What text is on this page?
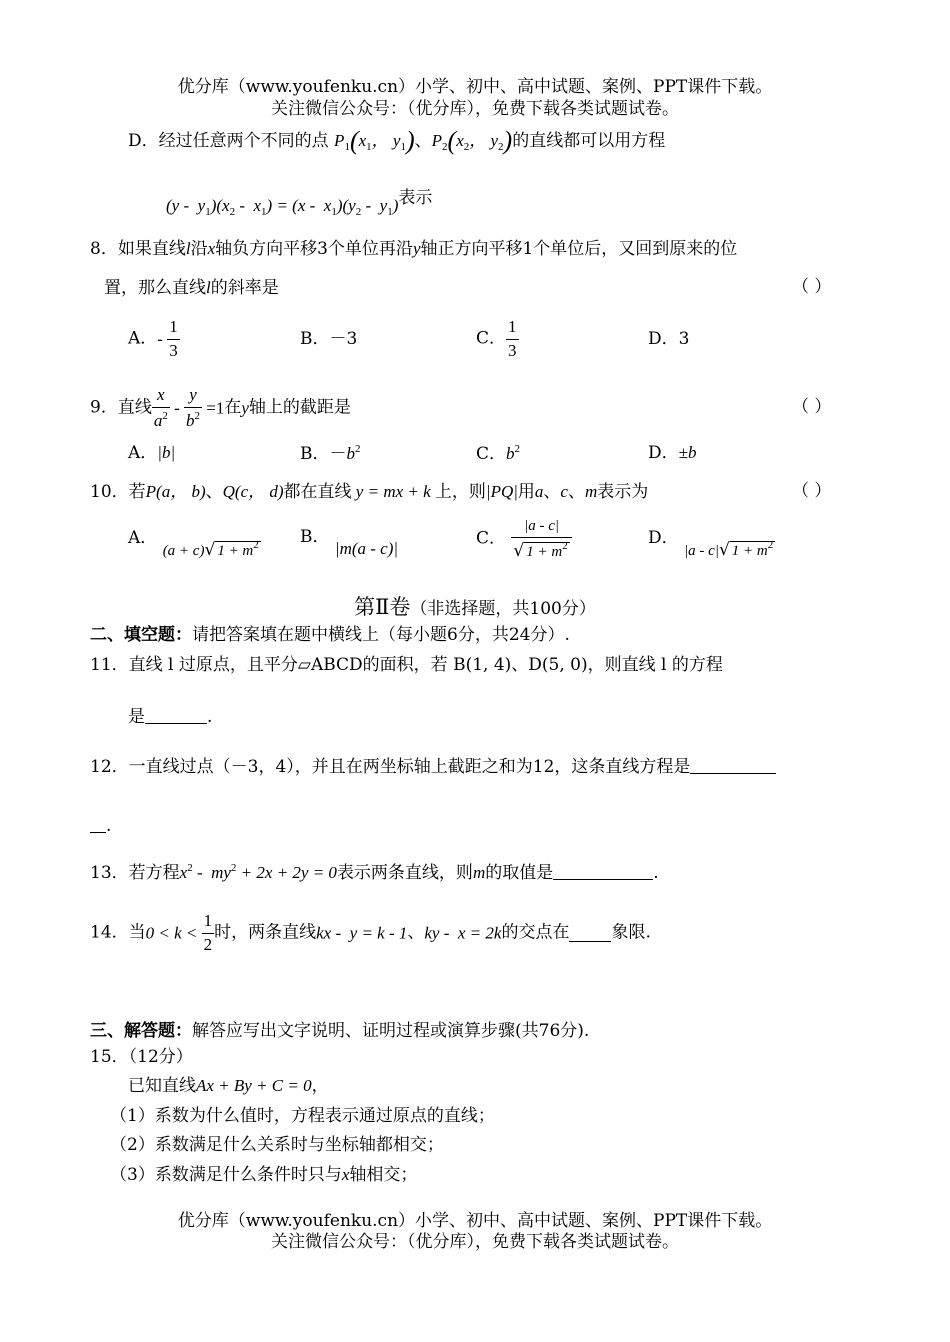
优分库（www.youfenku.cn）小学、初中、高中试题、案例、PPT课件下载。
关注微信公众号：（优分库），免费下载各类试题试卷。
D．经过任意两个不同的点 $P_1(x_1$， $y_1$)、$P_2(x_2$， $y_2$)的直线都可以用方程
$(y - y_1)(x_2 - x_1) = (x - x_1)(y_2 - y_1)$表示
8．如果直线l沿x轴负方向平移3个单位再沿y轴正方向平移1个单位后，又回到原来的位
置，那么直线l的斜率是	（ ）
A．- $\frac{1}{3}$	B．－3	C． $\frac{1}{3}$	D．3
9．直线 $\frac{x}{a^2} - \frac{y}{b^2} =1$在y轴上的截距是	（ ）
A．|b|	B．$-b^2$	C．$b^2$	D．±b
10．若P(a， b)、Q(c， d)都在直线 y = mx + k 上，则|PQ|用a、c、m表示为	（ ）
A． (a + c)√ $1 + m^2$ B． |m(a - c)|	C． $\frac{|a - c|}{√ 1 + m^2}$	D． |a - c|√ $1 + m^2$
第Ⅱ卷（非选择题，共100分）
二、填空题：请把答案填在题中横线上（每小题6分，共24分）.
11．直线 l 过原点，且平分▱ABCD的面积，若 B(1, 4)、D(5, 0)，则直线 l 的方程
是	.
12．一直线过点（－3，4），并且在两坐标轴上截距之和为12，这条直线方程是
.
13．若方程$x^2 - my^2 + 2x + 2y = 0$表示两条直线，则m的取值是	.
14．当$0 < k < \frac{1}{2}$ 时，两条直线kx -  y = k - 1、ky -  x = 2k的交点在 象限.
三、解答题：解答应写出文字说明、证明过程或演算步骤(共76分).
15．（12分）
已知直线Ax + By + C = 0，
（1）系数为什么值时，方程表示通过原点的直线；
（2）系数满足什么关系时与坐标轴都相交；
（3）系数满足什么条件时只与x轴相交；
优分库（www.youfenku.cn）小学、初中、高中试题、案例、PPT课件下载。
关注微信公众号：（优分库），免费下载各类试题试卷。
